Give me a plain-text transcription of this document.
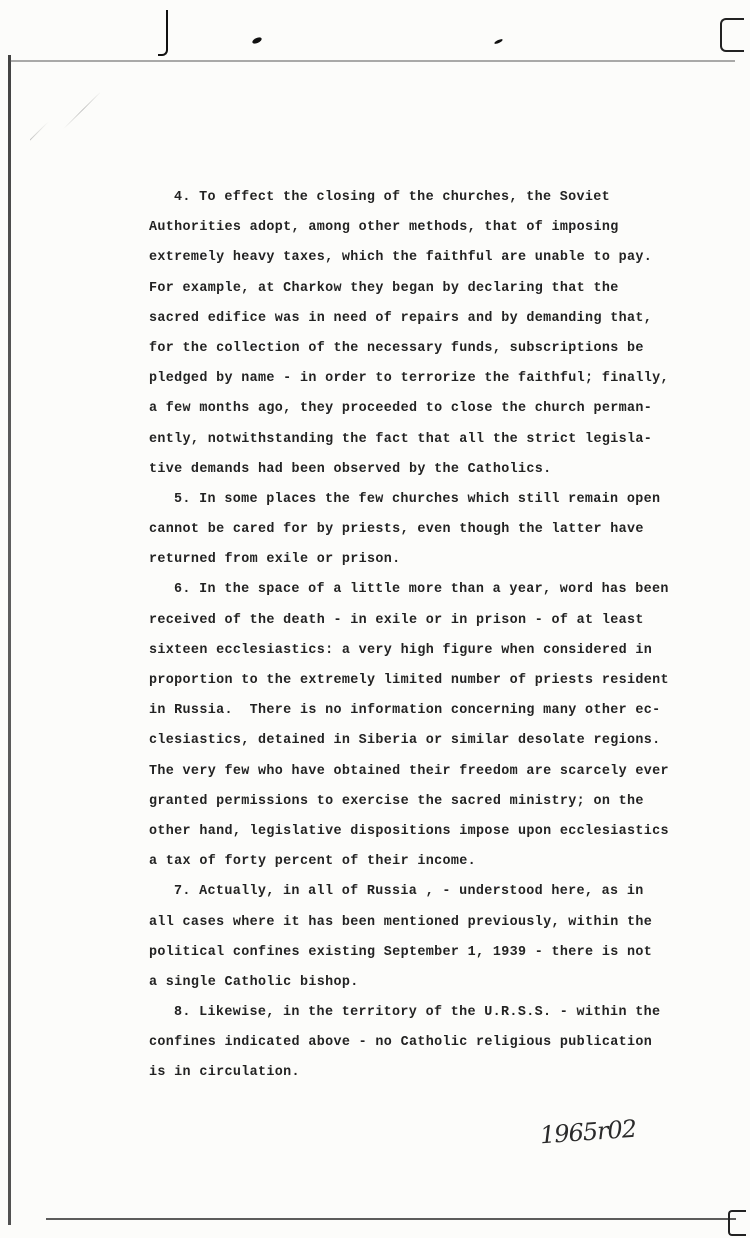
4. To effect the closing of the churches, the Soviet
Authorities adopt, among other methods, that of imposing
extremely heavy taxes, which the faithful are unable to pay.
For example, at Charkow they began by declaring that the
sacred edifice was in need of repairs and by demanding that,
for the collection of the necessary funds, subscriptions be
pledged by name - in order to terrorize the faithful; finally,
a few months ago, they proceeded to close the church perman-
ently, notwithstanding the fact that all the strict legisla-
tive demands had been observed by the Catholics.
5. In some places the few churches which still remain open
cannot be cared for by priests, even though the latter have
returned from exile or prison.
6. In the space of a little more than a year, word has been
received of the death - in exile or in prison - of at least
sixteen ecclesiastics: a very high figure when considered in
proportion to the extremely limited number of priests resident
in Russia.  There is no information concerning many other ec-
clesiastics, detained in Siberia or similar desolate regions.
The very few who have obtained their freedom are scarcely ever
granted permissions to exercise the sacred ministry; on the
other hand, legislative dispositions impose upon ecclesiastics
a tax of forty percent of their income.
7. Actually, in all of Russia , - understood here, as in
all cases where it has been mentioned previously, within the
political confines existing September 1, 1939 - there is not
a single Catholic bishop.
8. Likewise, in the territory of the U.R.S.S. - within the
confines indicated above - no Catholic religious publication
is in circulation.
1965r02
